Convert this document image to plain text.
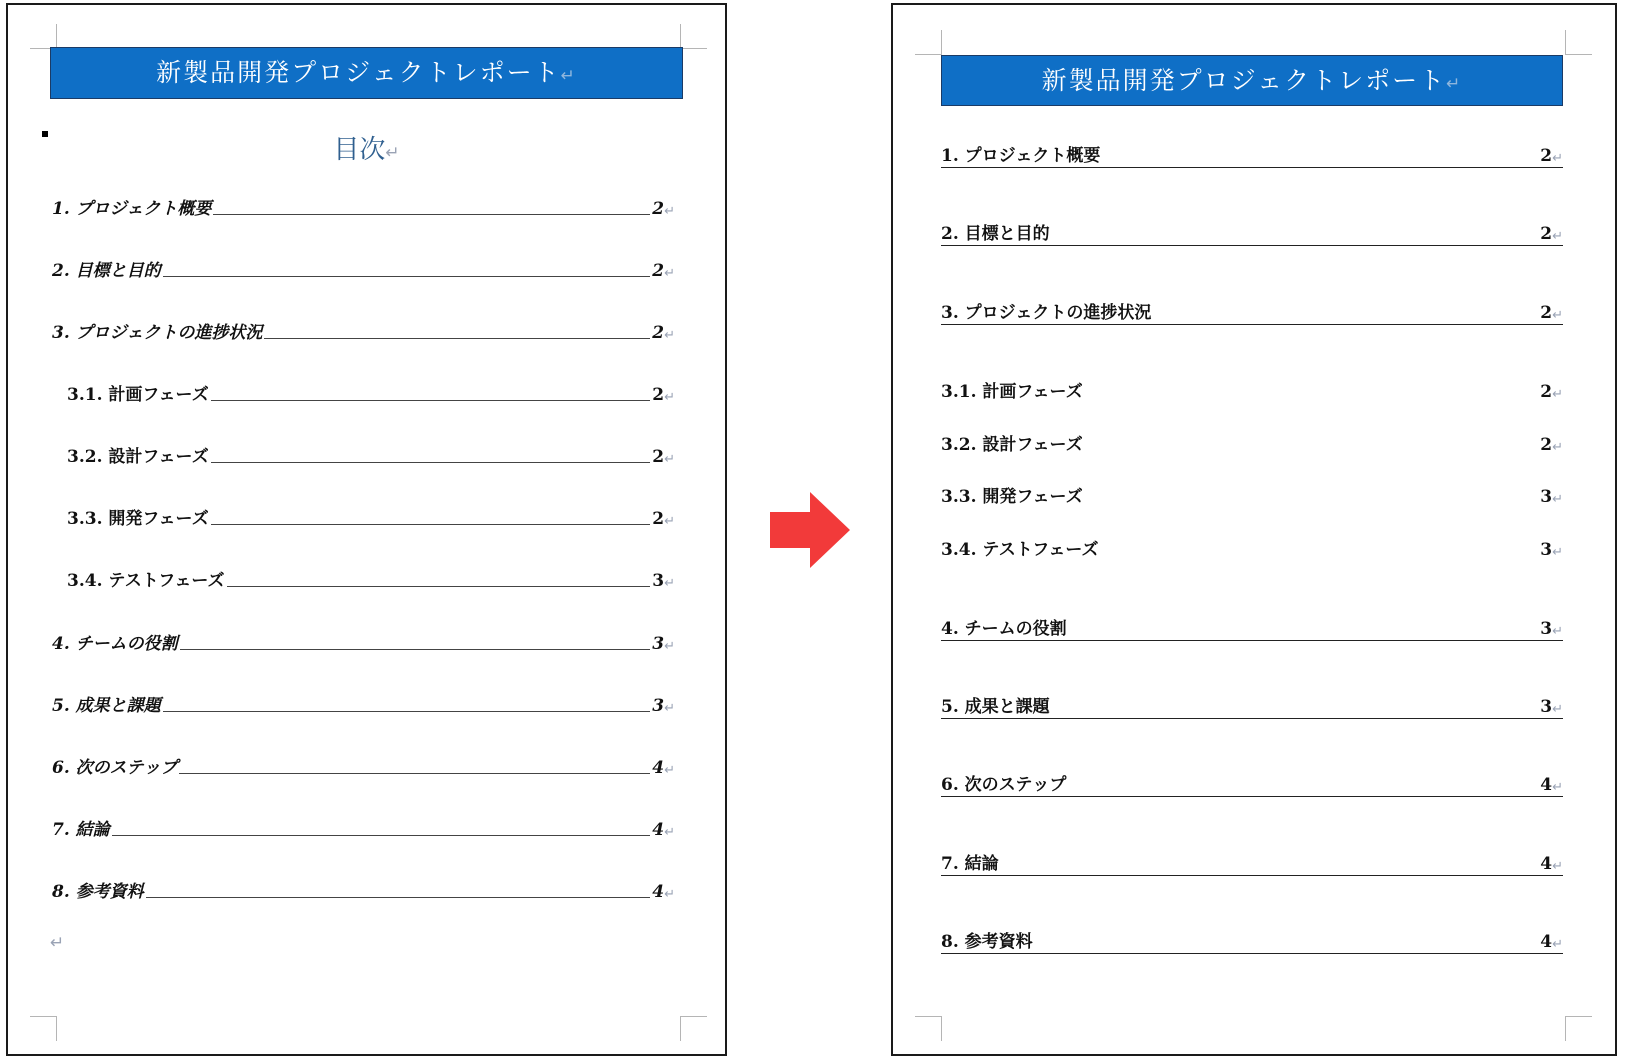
新製品開発プロジェクトレポート↵
目次↵
1. プロジェクト概要	2 ↵
2. 目標と目的	2 ↵
3. プロジェクトの進捗状況	2 ↵
3.1. 計画フェーズ	2 ↵
3.2. 設計フェーズ	2 ↵
3.3. 開発フェーズ	2 ↵
3.4. テストフェーズ	3 ↵
4. チームの役割	3 ↵
5. 成果と課題	3 ↵
6. 次のステップ	4 ↵
7. 結論	4 ↵
8. 参考資料	4 ↵
↵
新製品開発プロジェクトレポート↵
1. プロジェクト概要	2 ↵
2. 目標と目的	2 ↵
3. プロジェクトの進捗状況	2 ↵
3.1. 計画フェーズ	2 ↵
3.2. 設計フェーズ	2 ↵
3.3. 開発フェーズ	3 ↵
3.4. テストフェーズ	3 ↵
4. チームの役割	3 ↵
5. 成果と課題	3 ↵
6. 次のステップ	4 ↵
7. 結論	4 ↵
8. 参考資料	4 ↵
